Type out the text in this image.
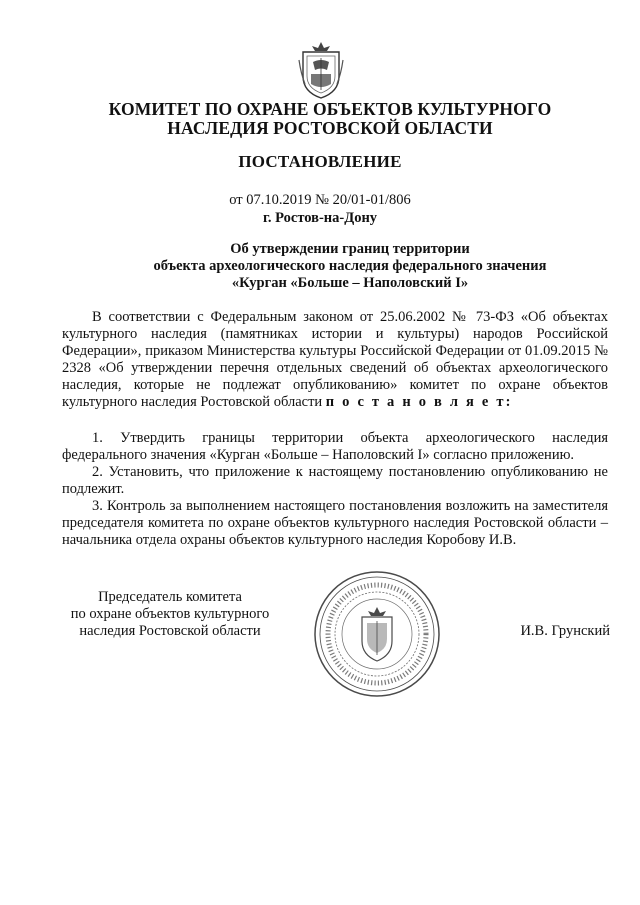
КОМИТЕТ ПО ОХРАНЕ ОБЪЕКТОВ КУЛЬТУРНОГО
НАСЛЕДИЯ РОСТОВСКОЙ ОБЛАСТИ
ПОСТАНОВЛЕНИЕ
от 07.10.2019 № 20/01-01/806
г. Ростов-на-Дону
Об утверждении границ территории
объекта археологического наследия федерального значения
«Курган «Больше – Наполовский I»
В соответствии с Федеральным законом от 25.06.2002 № 73-ФЗ «Об объектах культурного наследия (памятниках истории и культуры) народов Российской Федерации», приказом Министерства культуры Российской Федерации от 01.09.2015 № 2328 «Об утверждении перечня отдельных сведений об объектах археологического наследия, которые не подлежат опубликованию» комитет по охране объектов культурного наследия Ростовской области п о с т а н о в л я е т:

1. Утвердить границы территории объекта археологического наследия федерального значения «Курган «Больше – Наполовский I» согласно приложению.

2. Установить, что приложение к настоящему постановлению опубликованию не подлежит.

3. Контроль за выполнением настоящего постановления возложить на заместителя председателя комитета по охране объектов культурного наследия Ростовской области – начальника отдела охраны объектов культурного наследия Коробову И.В.

Председатель комитета
по охране объектов культурного
наследия Ростовской области	И.В. Грунский
